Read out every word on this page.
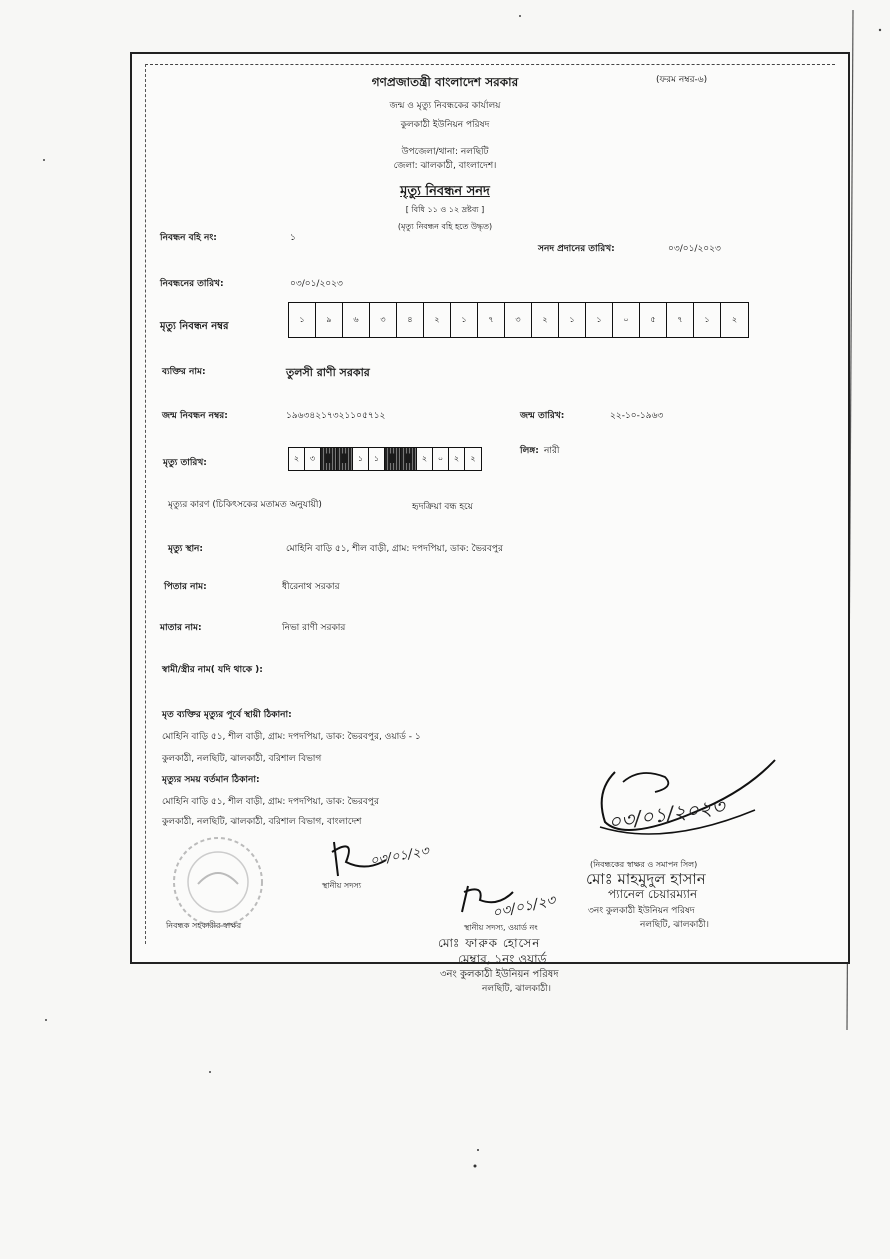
গণপ্রজাতন্ত্রী বাংলাদেশ সরকার	(ফরম নম্বর-৬)
জন্ম ও মৃত্যু নিবন্ধকের কার্যালয়
কুলকাঠী ইউনিয়ন পরিষদ
উপজেলা/থানা: নলছিটি
জেলা: ঝালকাঠী, বাংলাদেশ।
মৃত্যু নিবন্ধন সনদ
[ বিধি ১১ ও ১২ দ্রষ্টব্য ]
(মৃত্যু নিবন্ধন বহি হতে উদ্ধৃত)
নিবন্ধন বহি নং:	১
সনদ প্রদানের তারিখ:	০৩/০১/২০২৩
নিবন্ধনের তারিখ:	০৩/০১/২০২৩
মৃত্যু নিবন্ধন নম্বর
১	৯	৬	৩	৪	২	১	৭	৩	২	১	১	০	৫	৭	১	২
ব্যক্তির নাম:	তুলসী রাণী সরকার
জন্ম নিবন্ধন নম্বর:	১৯৬৩৪২১৭৩২১১০৫৭১২	জন্ম তারিখ:	২২-১০-১৯৬৩
লিঙ্গ: নারী
মৃত্যু তারিখ:	২	৩	█	█	১	১	█	█	২	০	২	২
মৃত্যুর কারণ (চিকিৎসকের মতামত অনুযায়ী)	হৃদক্রিয়া বন্ধ হয়ে
মৃত্যু স্থান:	মোহিনি বাড়ি ৫১, শীল বাড়ী, গ্রাম: দপদপিয়া, ডাক: ভৈরবপুর
পিতার নাম:	ধীরেনাথ সরকার
মাতার নাম:	নিভা রাণী সরকার
স্বামী/স্ত্রীর নাম( যদি থাকে ):
মৃত ব্যক্তির মৃত্যুর পূর্বে স্থায়ী ঠিকানা:
মোহিনি বাড়ি ৫১, শীল বাড়ী, গ্রাম: দপদপিয়া, ডাক: ভৈরবপুর, ওয়ার্ড - ১
কুলকাঠী, নলছিটি, ঝালকাঠী, বরিশাল বিভাগ
মৃত্যুর সময় বর্তমান ঠিকানা:
মোহিনি বাড়ি ৫১, শীল বাড়ী, গ্রাম: দপদপিয়া, ডাক: ভৈরবপুর
কুলকাঠী, নলছিটি, ঝালকাঠী, বরিশাল বিভাগ, বাংলাদেশ	০৩/০১/২০২৩
(নিবন্ধকের স্বাক্ষর ও সমাপন সিল)
মোঃ মাহমুদুল হাসান
প্যানেল চেয়ারম্যান
৩নং কুলকাঠী ইউনিয়ন পরিষদ
নলছিটি, ঝালকাঠী।
০৩/০১/২৩
স্থানীয় সদস্য
নিবন্ধক সহকারীর স্বাক্ষর
০৩/০১/২৩
স্থানীয় সদস্য, ওয়ার্ড নং
মোঃ ফারুক হোসেন
মেম্বার, ১নং ওয়ার্ড
৩নং কুলকাঠী ইউনিয়ন পরিষদ
নলছিটি, ঝালকাঠী।
